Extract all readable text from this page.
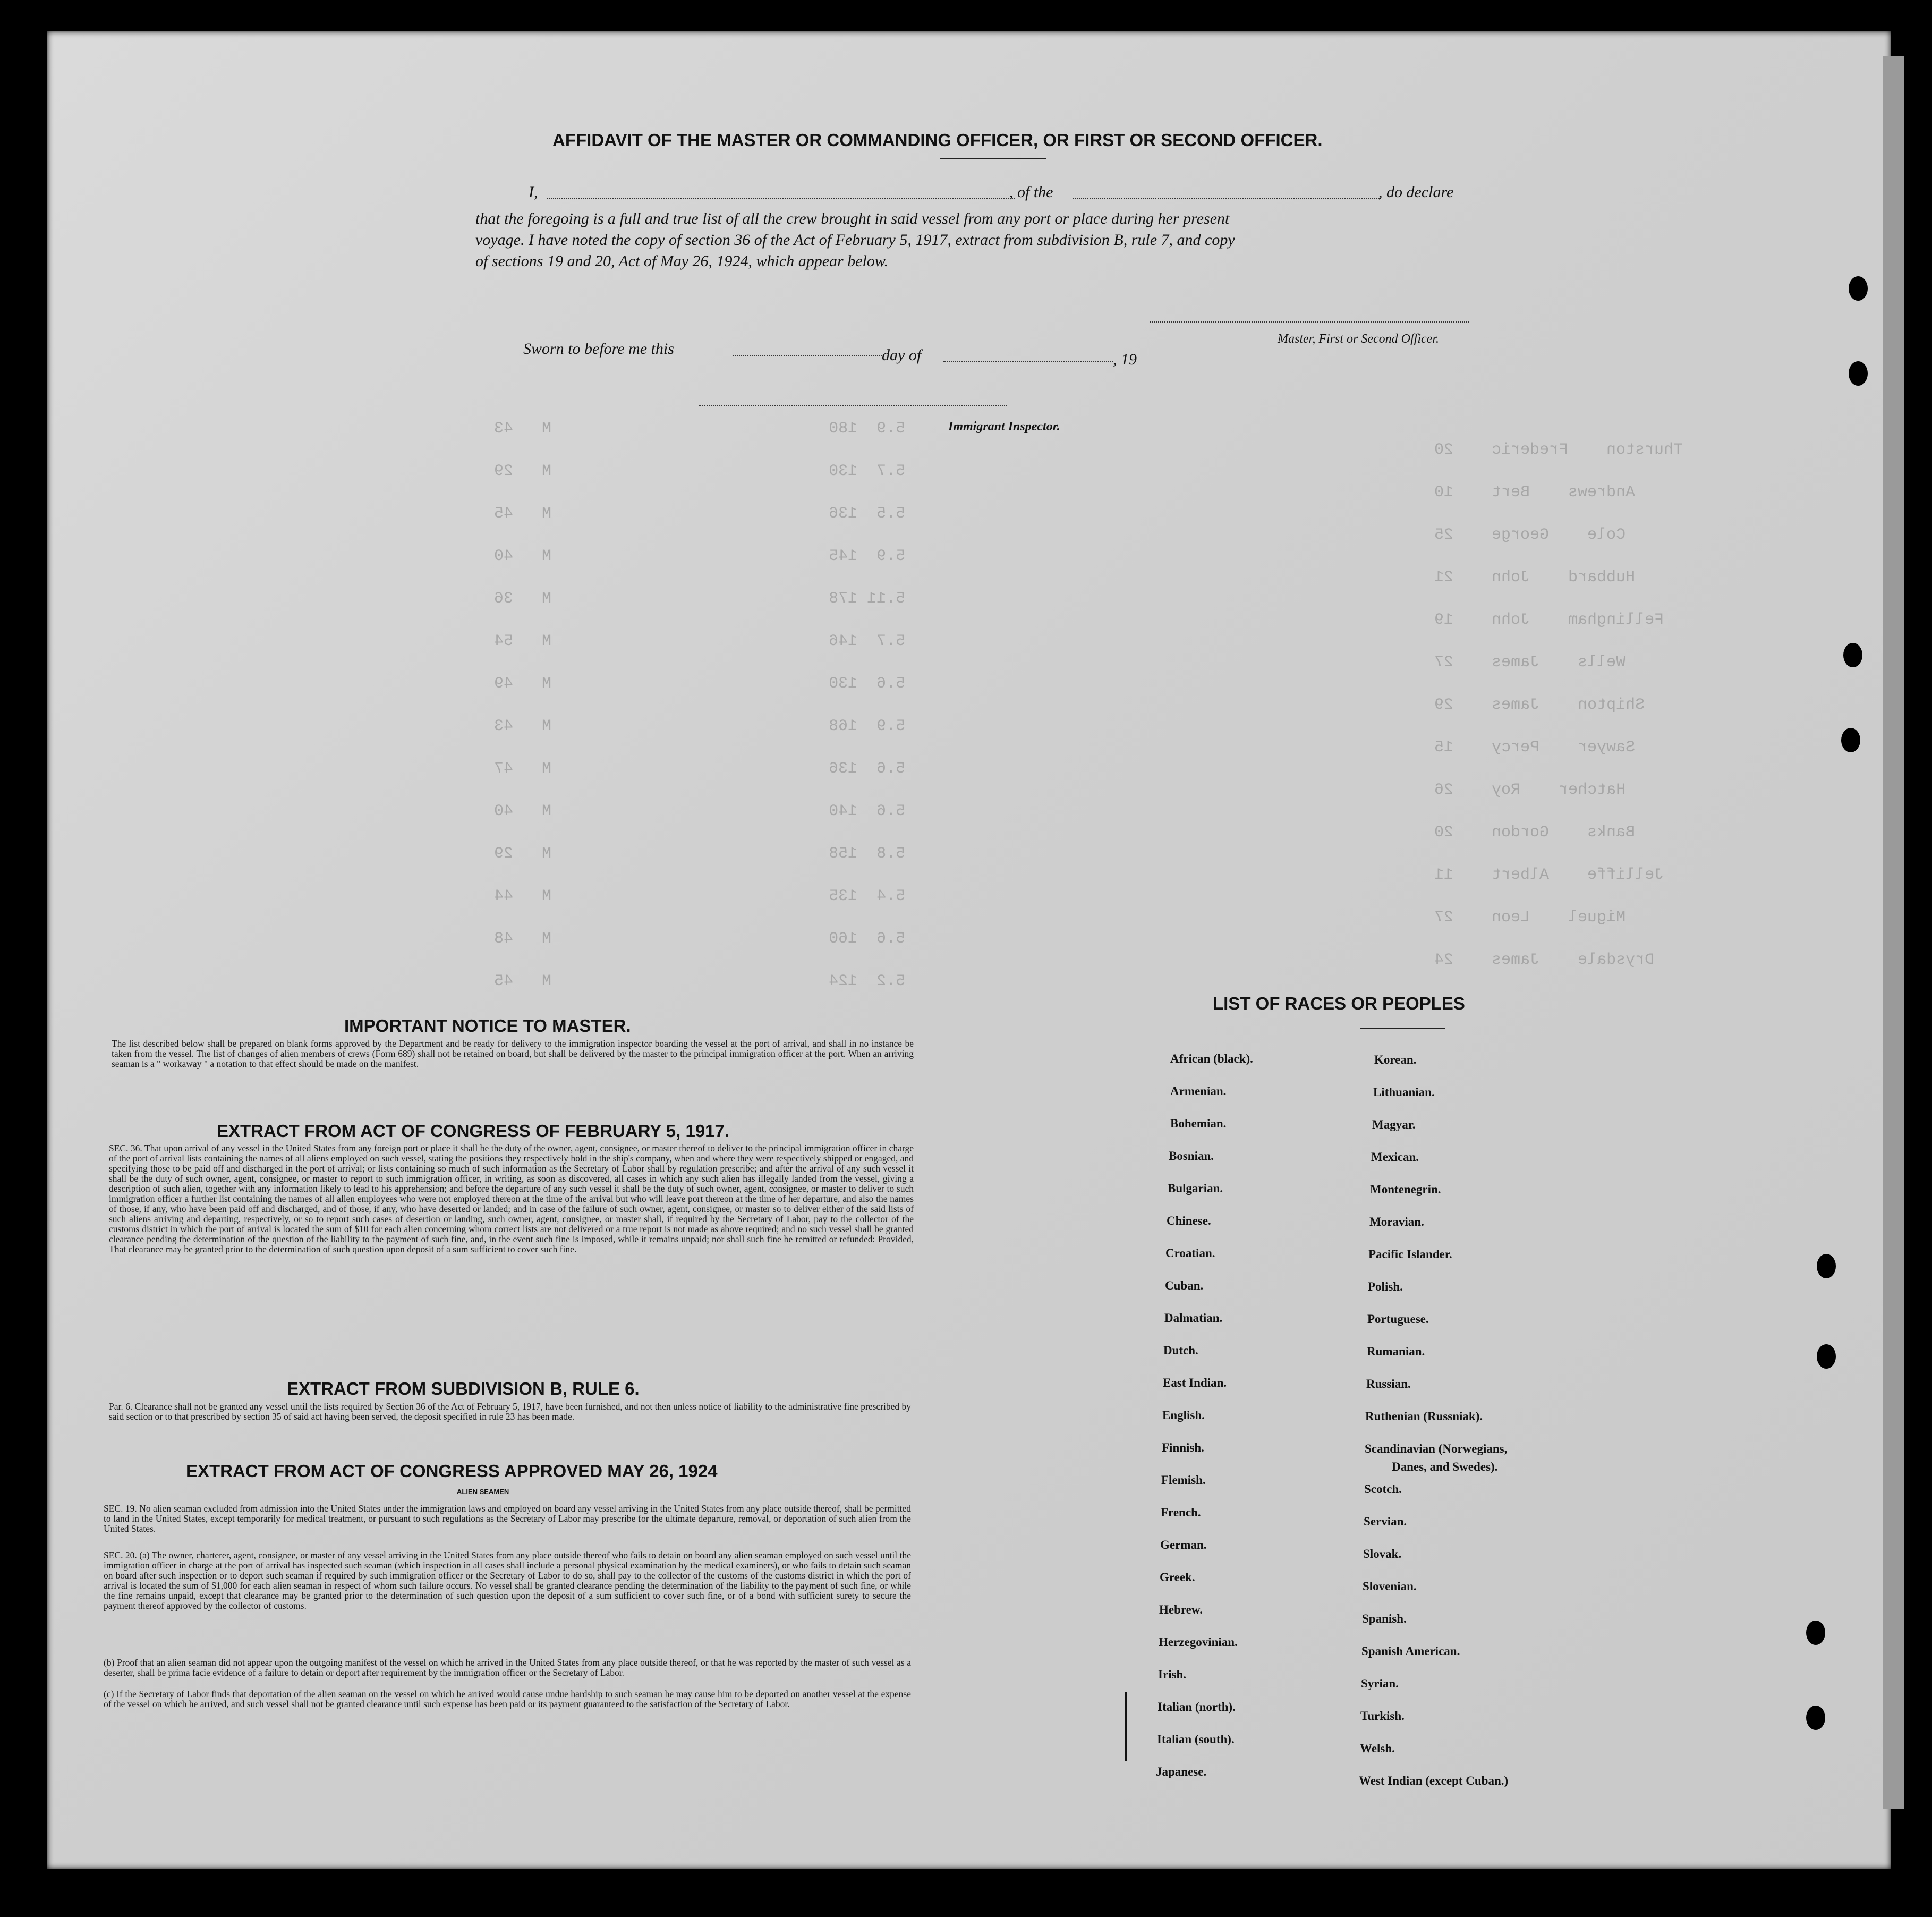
Thurston    Frederic    20
Andrews    Bert    10
Cole    George    25
Hubbard    John    21
Fellingham    John    19
Wells    James    27
Shipton    James    29
Sawyer    Percy    15
Hatcher    Roy    26
Banks    Gordon    20
Jelliffe    Albert    11
Miguel    Leon    27
Drysdale    James    24
5.9  180                             M   43
5.7  130                             M   29
5.5  136                             M   45
5.9  145                             M   40
5.11 178                             M   36
5.7  146                             M   54
5.6  130                             M   49
5.9  168                             M   43
5.6  136                             M   47
5.6  140                             M   40
5.8  158                             M   29
5.4  135                             M   44
5.6  160                             M   48
5.2  124                             M   45
AFFIDAVIT OF THE MASTER OR COMMANDING OFFICER, OR FIRST OR SECOND OFFICER.
I,	, of the	, do declare
that the foregoing is a full and true list of all the crew brought in said vessel from any port or place during her present
voyage. I have noted the copy of section 36 of the Act of February 5, 1917, extract from subdivision B, rule 7, and copy
of sections 19 and 20, Act of May 26, 1924, which appear below.
Master, First or Second Officer.
Sworn to before me this	day of	, 19
Immigrant Inspector.
IMPORTANT NOTICE TO MASTER.
The list described below shall be prepared on blank forms approved by the Department and be ready for delivery to the immigration inspector boarding the vessel at the port of arrival, and shall in no instance be taken from the vessel. The list of changes of alien members of crews (Form 689) shall not be retained on board, but shall be delivered by the master to the principal immigration officer at the port. When an arriving seaman is a " workaway " a notation to that effect should be made on the manifest.
EXTRACT FROM ACT OF CONGRESS OF FEBRUARY 5, 1917.
SEC. 36. That upon arrival of any vessel in the United States from any foreign port or place it shall be the duty of the owner, agent, consignee, or master thereof to deliver to the principal immigration officer in charge of the port of arrival lists containing the names of all aliens employed on such vessel, stating the positions they respectively hold in the ship's company, when and where they were respectively shipped or engaged, and specifying those to be paid off and discharged in the port of arrival; or lists containing so much of such information as the Secretary of Labor shall by regulation prescribe; and after the arrival of any such vessel it shall be the duty of such owner, agent, consignee, or master to report to such immigration officer, in writing, as soon as discovered, all cases in which any such alien has illegally landed from the vessel, giving a description of such alien, together with any information likely to lead to his apprehension; and before the departure of any such vessel it shall be the duty of such owner, agent, consignee, or master to deliver to such immigration officer a further list containing the names of all alien employees who were not employed thereon at the time of the arrival but who will leave port thereon at the time of her departure, and also the names of those, if any, who have been paid off and discharged, and of those, if any, who have deserted or landed; and in case of the failure of such owner, agent, consignee, or master so to deliver either of the said lists of such aliens arriving and departing, respectively, or so to report such cases of desertion or landing, such owner, agent, consignee, or master shall, if required by the Secretary of Labor, pay to the collector of the customs district in which the port of arrival is located the sum of $10 for each alien concerning whom correct lists are not delivered or a true report is not made as above required; and no such vessel shall be granted clearance pending the determination of the question of the liability to the payment of such fine, and, in the event such fine is imposed, while it remains unpaid; nor shall such fine be remitted or refunded: Provided, That clearance may be granted prior to the determination of such question upon deposit of a sum sufficient to cover such fine.
EXTRACT FROM SUBDIVISION B, RULE 6.
Par. 6. Clearance shall not be granted any vessel until the lists required by Section 36 of the Act of February 5, 1917, have been furnished, and not then unless notice of liability to the administrative fine prescribed by said section or to that prescribed by section 35 of said act having been served, the deposit specified in rule 23 has been made.
EXTRACT FROM ACT OF CONGRESS APPROVED MAY 26, 1924
ALIEN SEAMEN
SEC. 19. No alien seaman excluded from admission into the United States under the immigration laws and employed on board any vessel arriving in the United States from any place outside thereof, shall be permitted to land in the United States, except temporarily for medical treatment, or pursuant to such regulations as the Secretary of Labor may prescribe for the ultimate departure, removal, or deportation of such alien from the United States.
SEC. 20. (a) The owner, charterer, agent, consignee, or master of any vessel arriving in the United States from any place outside thereof who fails to detain on board any alien seaman employed on such vessel until the immigration officer in charge at the port of arrival has inspected such seaman (which inspection in all cases shall include a personal physical examination by the medical examiners), or who fails to detain such seaman on board after such inspection or to deport such seaman if required by such immigration officer or the Secretary of Labor to do so, shall pay to the collector of the customs of the customs district in which the port of arrival is located the sum of $1,000 for each alien seaman in respect of whom such failure occurs. No vessel shall be granted clearance pending the determination of the liability to the payment of such fine, or while the fine remains unpaid, except that clearance may be granted prior to the determination of such question upon the deposit of a sum sufficient to cover such fine, or of a bond with sufficient surety to secure the payment thereof approved by the collector of customs.
(b) Proof that an alien seaman did not appear upon the outgoing manifest of the vessel on which he arrived in the United States from any place outside thereof, or that he was reported by the master of such vessel as a deserter, shall be prima facie evidence of a failure to detain or deport after requirement by the immigration officer or the Secretary of Labor.
(c) If the Secretary of Labor finds that deportation of the alien seaman on the vessel on which he arrived would cause undue hardship to such seaman he may cause him to be deported on another vessel at the expense of the vessel on which he arrived, and such vessel shall not be granted clearance until such expense has been paid or its payment guaranteed to the satisfaction of the Secretary of Labor.
LIST OF RACES OR PEOPLES
African (black).
Armenian.
Bohemian.
Bosnian.
Bulgarian.
Chinese.
Croatian.
Cuban.
Dalmatian.
Dutch.
East Indian.
English.
Finnish.
Flemish.
French.
German.
Greek.
Hebrew.
Herzegovinian.
Irish.
Italian (north).
Italian (south).
Japanese.
Korean.
Lithuanian.
Magyar.
Mexican.
Montenegrin.
Moravian.
Pacific Islander.
Polish.
Portuguese.
Rumanian.
Russian.
Ruthenian (Russniak).
Scandinavian (Norwegians,
Danes, and Swedes).
Scotch.
Servian.
Slovak.
Slovenian.
Spanish.
Spanish American.
Syrian.
Turkish.
Welsh.
West Indian (except Cuban.)
